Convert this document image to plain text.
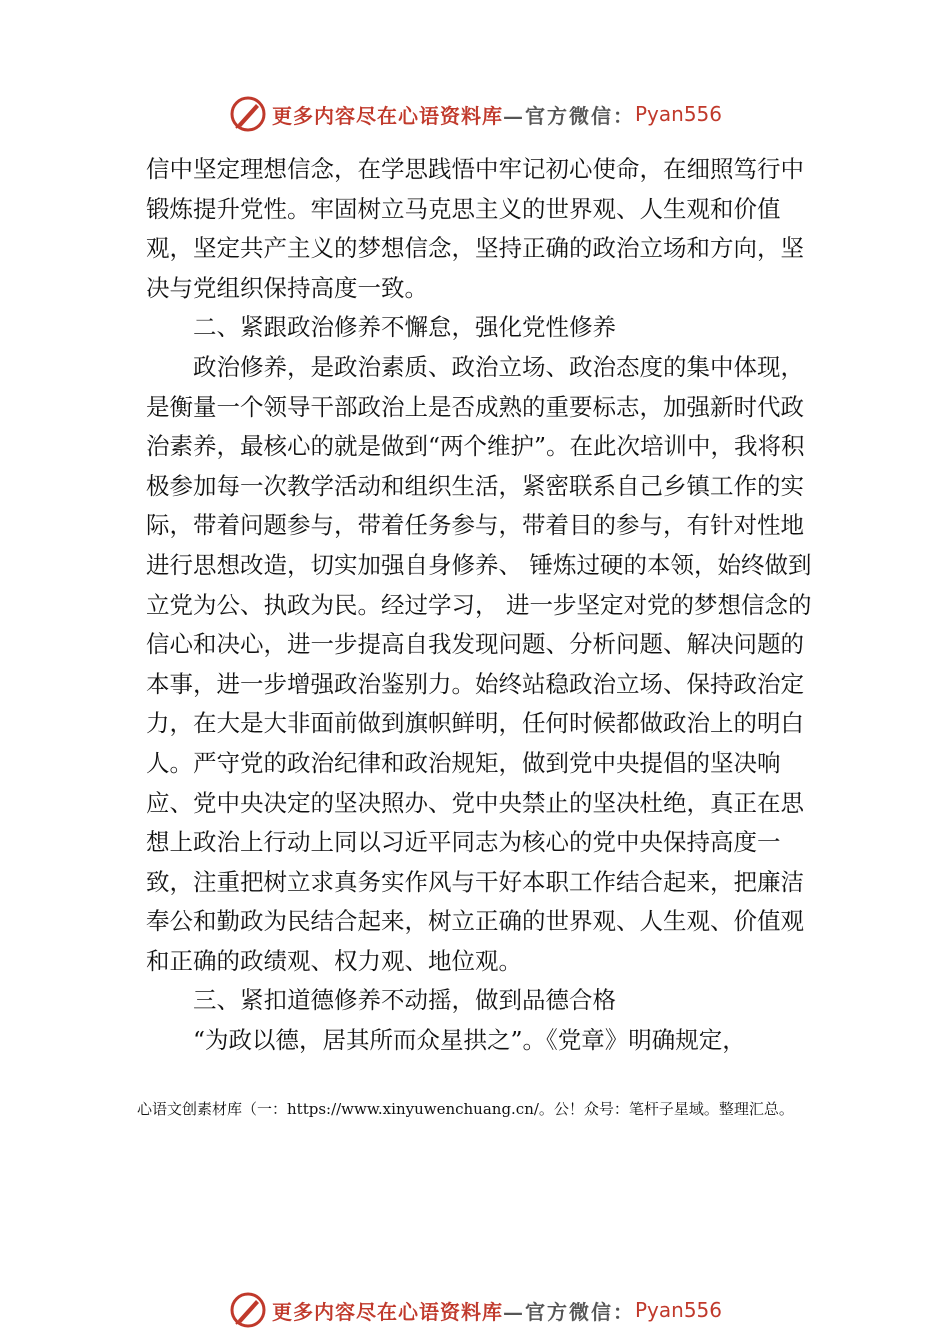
更多内容尽在心语资料库 —官方微信： Pyan556

信中坚定理想信念，在学思践悟中牢记初心使命，在细照笃行中锻炼提升党性。牢固树立马克思主义的世界观、人生观和价值观，坚定共产主义的梦想信念，坚持正确的政治立场和方向，坚决与党组织保持高度一致。

二、紧跟政治修养不懈怠，强化党性修养

政治修养，是政治素质、政治立场、政治态度的集中体现，是衡量一个领导干部政治上是否成熟的重要标志，加强新时代政治素养，最核心的就是做到“两个维护”。在此次培训中，我将积极参加每一次教学活动和组织生活，紧密联系自己乡镇工作的实际，带着问题参与，带着任务参与，带着目的参与，有针对性地进行思想改造，切实加强自身修养、 锤炼过硬的本领，始终做到立党为公、执政为民。经过学习， 进一步坚定对党的梦想信念的信心和决心，进一步提高自我发现问题、分析问题、解决问题的本事，进一步增强政治鉴别力。始终站稳政治立场、保持政治定力，在大是大非面前做到旗帜鲜明，任何时候都做政治上的明白人。严守党的政治纪律和政治规矩，做到党中央提倡的坚决响应、党中央决定的坚决照办、党中央禁止的坚决杜绝，真正在思想上政治上行动上同以习近平同志为核心的党中央保持高度一致，注重把树立求真务实作风与干好本职工作结合起来，把廉洁奉公和勤政为民结合起来，树立正确的世界观、人生观、价值观和正确的政绩观、权力观、地位观。

三、紧扣道德修养不动摇，做到品德合格

“为政以德，居其所而众星拱之”。《党章》明确规定，

心语文创素材库（一：https://www.xinyuwenchuang.cn/。公！众号：笔杆子星域。整理汇总。
更多内容尽在心语资料库 —官方微信： Pyan556
